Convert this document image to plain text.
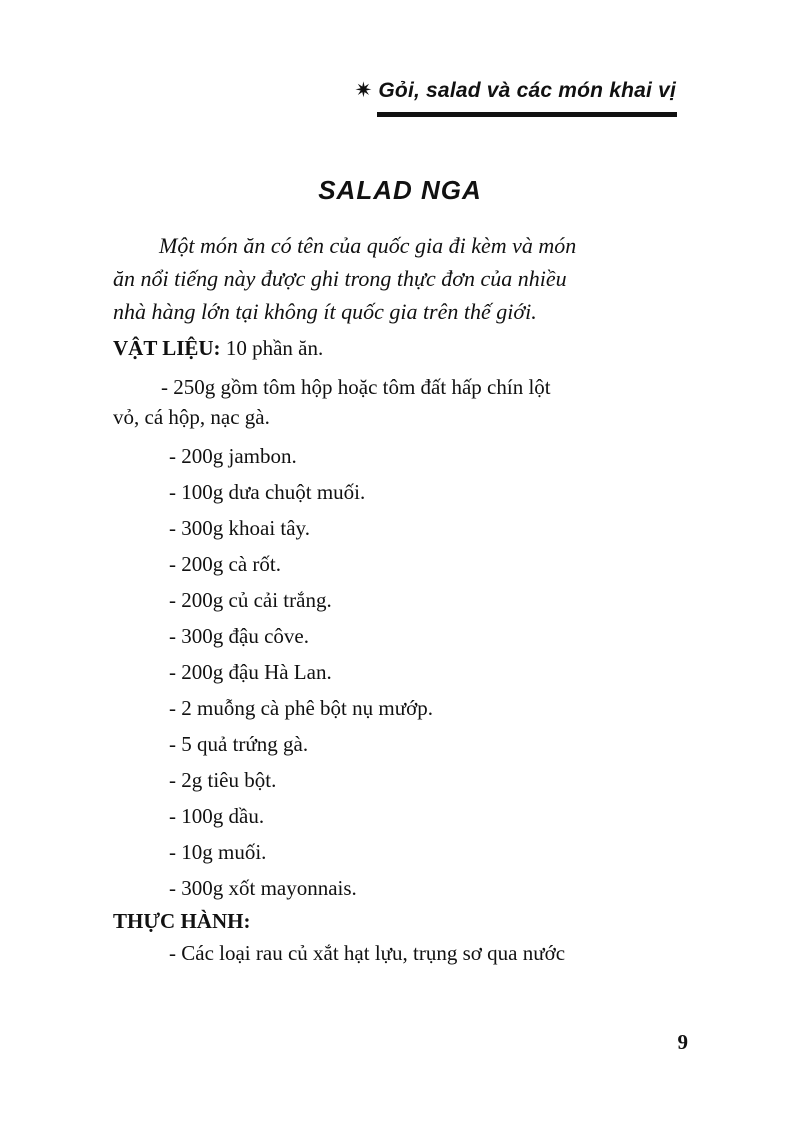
✷ Gỏi, salad và các món khai vị
SALAD NGA
Một món ăn có tên của quốc gia đi kèm và món
ăn nổi tiếng này được ghi trong thực đơn của nhiều
nhà hàng lớn tại không ít quốc gia trên thế giới.
VẬT LIỆU: 10 phần ăn.
- 250g gồm tôm hộp hoặc tôm đất hấp chín lột
vỏ, cá hộp, nạc gà.
- 200g jambon.
- 100g dưa chuột muối.
- 300g khoai tây.
- 200g cà rốt.
- 200g củ cải trắng.
- 300g đậu côve.
- 200g đậu Hà Lan.
- 2 muỗng cà phê bột nụ mướp.
- 5 quả trứng gà.
- 2g tiêu bột.
- 100g dầu.
- 10g muối.
- 300g xốt mayonnais.
THỰC HÀNH:
- Các loại rau củ xắt hạt lựu, trụng sơ qua nước
9
